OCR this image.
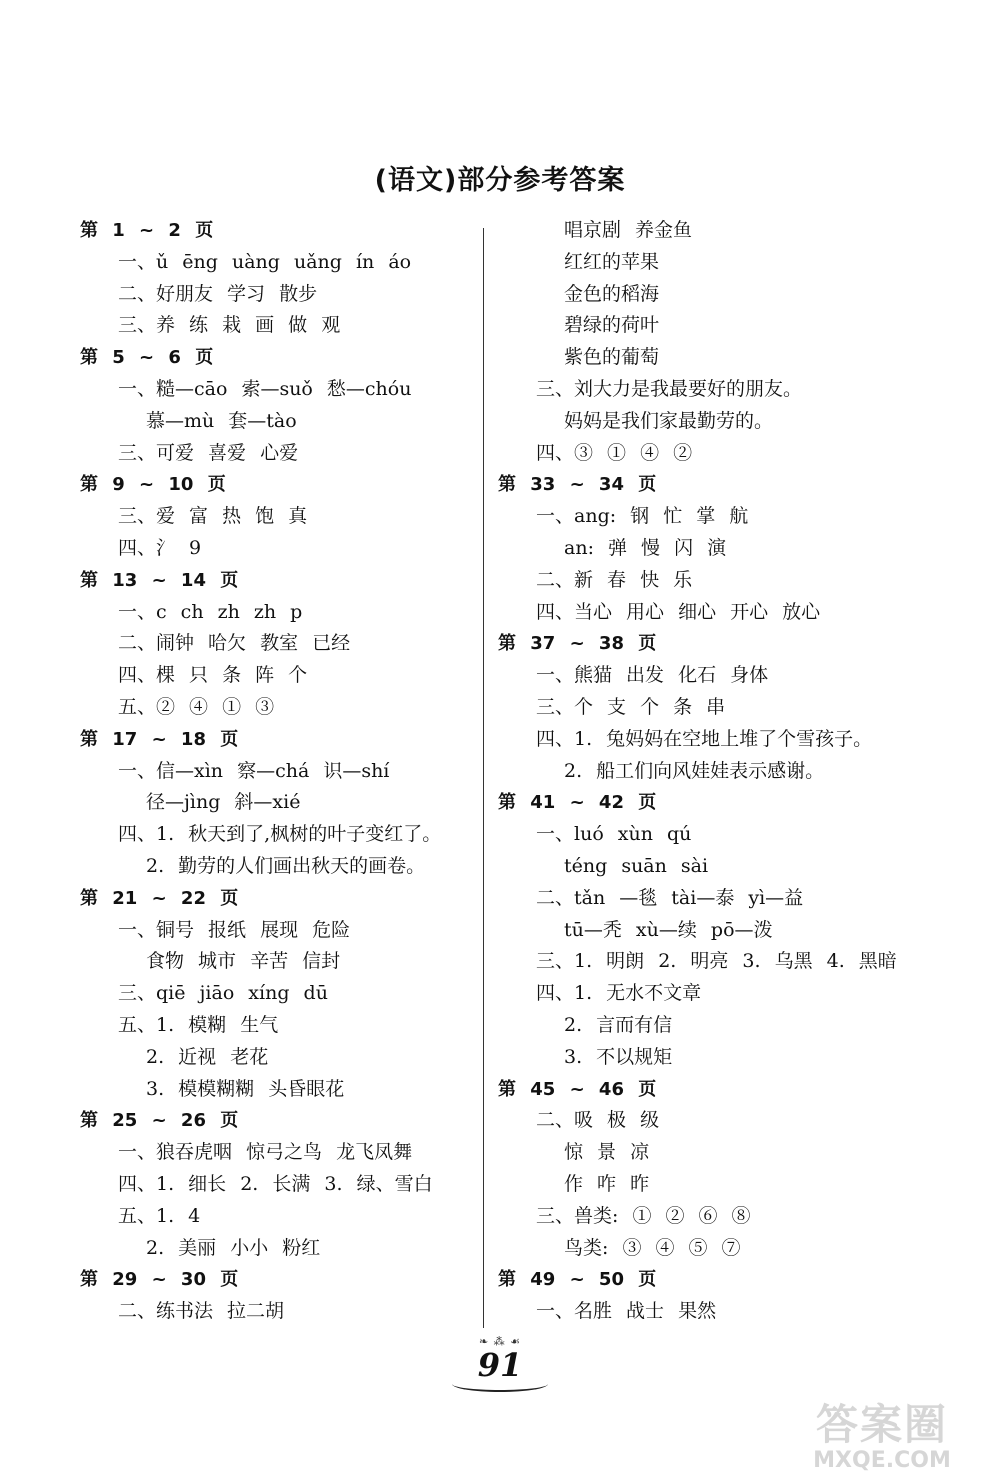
(语文)部分参考答案
第 1 ~ 2 页
一、ǔ ēng uàng uǎng ín áo
二、好朋友 学习 散步
三、养 练 栽 画 做 观
第 5 ~ 6 页
一、糙—cāo 索—suǒ 愁—chóu
慕—mù 套—tào
三、可爱 喜爱 心爱
第 9 ~ 10 页
三、爱 富 热 饱 真
四、氵 9
第 13 ~ 14 页
一、c ch zh zh p
二、闹钟 哈欠 教室 已经
四、棵 只 条 阵 个
五、② ④ ① ③
第 17 ~ 18 页
一、信—xìn 察—chá 识—shí
径—jìng 斜—xié
四、1. 秋天到了,枫树的叶子变红了。
2. 勤劳的人们画出秋天的画卷。
第 21 ~ 22 页
一、铜号 报纸 展现 危险
食物 城市 辛苦 信封
三、qiē jiāo xíng dū
五、1. 模糊 生气
2. 近视 老花
3. 模模糊糊 头昏眼花
第 25 ~ 26 页
一、狼吞虎咽 惊弓之鸟 龙飞凤舞
四、1. 细长 2. 长满 3. 绿、雪白
五、1. 4
2. 美丽 小小 粉红
第 29 ~ 30 页
二、练书法 拉二胡
唱京剧 养金鱼
红红的苹果
金色的稻海
碧绿的荷叶
紫色的葡萄
三、刘大力是我最要好的朋友。
妈妈是我们家最勤劳的。
四、③ ① ④ ②
第 33 ~ 34 页
一、ang: 钢 忙 掌 航
an: 弹 慢 闪 演
二、新 春 快 乐
四、当心 用心 细心 开心 放心
第 37 ~ 38 页
一、熊猫 出发 化石 身体
三、个 支 个 条 串
四、1. 兔妈妈在空地上堆了个雪孩子。
2. 船工们向风娃娃表示感谢。
第 41 ~ 42 页
一、luó xùn qú
téng suān sài
二、tǎn —毯 tài—泰 yì—益
tū—秃 xù—续 pō—泼
三、1. 明朗 2. 明亮 3. 乌黑 4. 黑暗
四、1. 无水不文章
2. 言而有信
3. 不以规矩
第 45 ~ 46 页
二、吸 极 级
惊 景 凉
作 咋 昨
三、兽类: ① ② ⑥ ⑧
鸟类: ③ ④ ⑤ ⑦
第 49 ~ 50 页
一、名胜 战士 果然
❧ ⁂ ☙
91
答案圈
MXQE.COM
